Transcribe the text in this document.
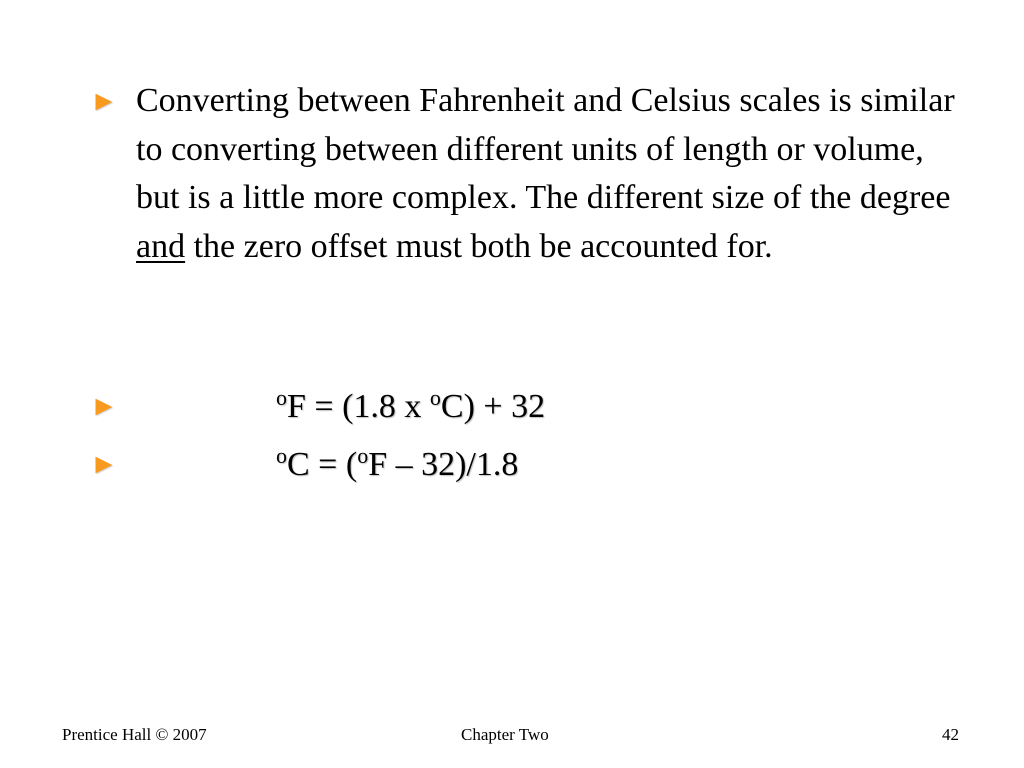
► Converting between Fahrenheit and Celsius scales is similar to converting between different units of length or volume, but is a little more complex. The different size of the degree and the zero offset must both be accounted for.
►	$^o$F = (1.8 x $^o$C) + 32
►	$^o$C = ($^o$F – 32)/1.8
Prentice Hall © 2007	Chapter Two	42
